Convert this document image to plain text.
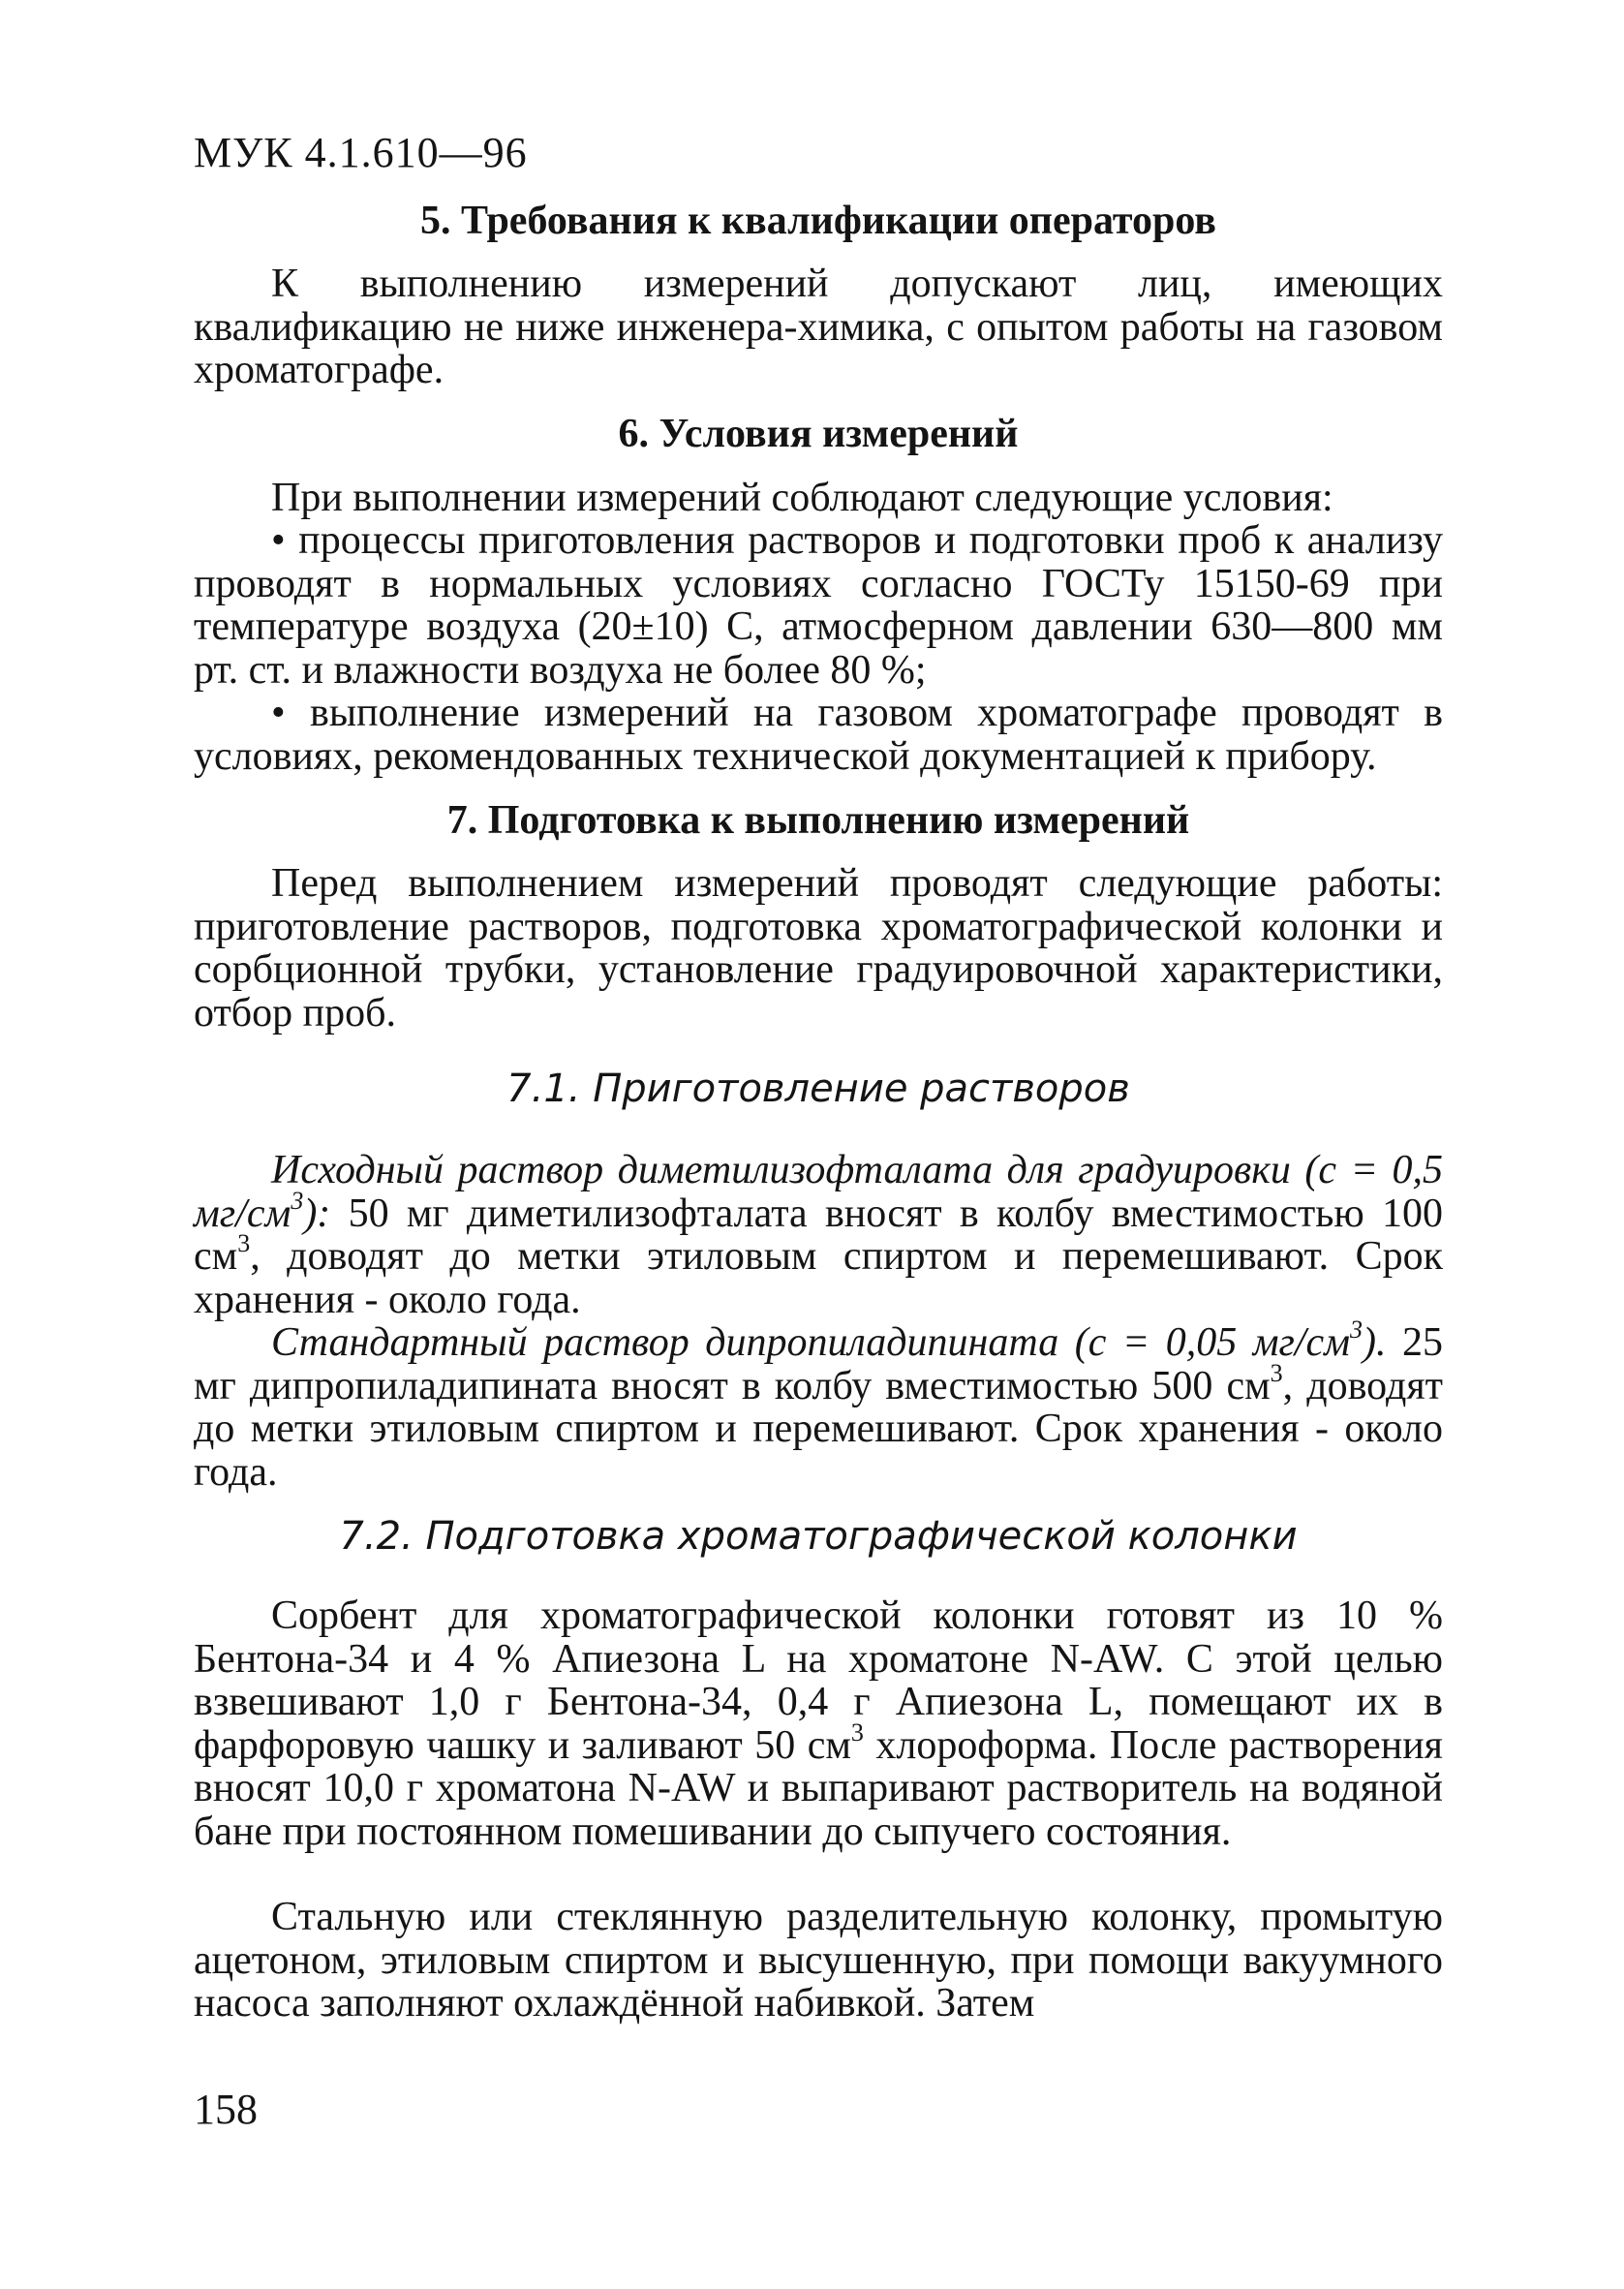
МУК 4.1.610—96
5. Требования к квалификации операторов
К выполнению измерений допускают лиц, имеющих квалификацию не ниже инженера-химика, с опытом работы на газовом хроматографе.
6. Условия измерений
При выполнении измерений соблюдают следующие условия:
• процессы приготовления растворов и подготовки проб к анализу проводят в нормальных условиях согласно ГОСТу 15150-69 при температуре воздуха (20±10) С, атмосферном давлении 630—800 мм рт. ст. и влажности воздуха не более 80 %;
• выполнение измерений на газовом хроматографе проводят в условиях, рекомендованных технической документацией к прибору.
7. Подготовка к выполнению измерений
Перед выполнением измерений проводят следующие работы: приготовление растворов, подготовка хроматографической колонки и сорбционной трубки, установление градуировочной характеристики, отбор проб.
7.1. Приготовление растворов
Исходный раствор диметилизофталата для градуировки (с = 0,5 $мг/см^3$): 50 мг диметилизофталата вносят в колбу вместимостью 100 $см^3$, доводят до метки этиловым спиртом и перемешивают. Срок хранения - около года.
Стандартный раствор дипропиладипината (с = 0,05 $мг/см^3$). 25 мг дипропиладипината вносят в колбу вместимостью 500 $см^3$, доводят до метки этиловым спиртом и перемешивают. Срок хранения - около года.
7.2. Подготовка хроматографической колонки
Сорбент для хроматографической колонки готовят из 10 % Бентона-34 и 4 % Апиезона L на хроматоне N-AW. С этой целью взвешивают 1,0 г Бентона-34, 0,4 г Апиезона L, помещают их в фарфоровую чашку и заливают 50 $см^3$ хлороформа. После растворения вносят 10,0 г хроматона N-AW и выпаривают растворитель на водяной бане при постоянном помешивании до сыпучего состояния.
Стальную или стеклянную разделительную колонку, промытую ацетоном, этиловым спиртом и высушенную, при помощи вакуумного насоса заполняют охлаждённой набивкой. Затем
158
